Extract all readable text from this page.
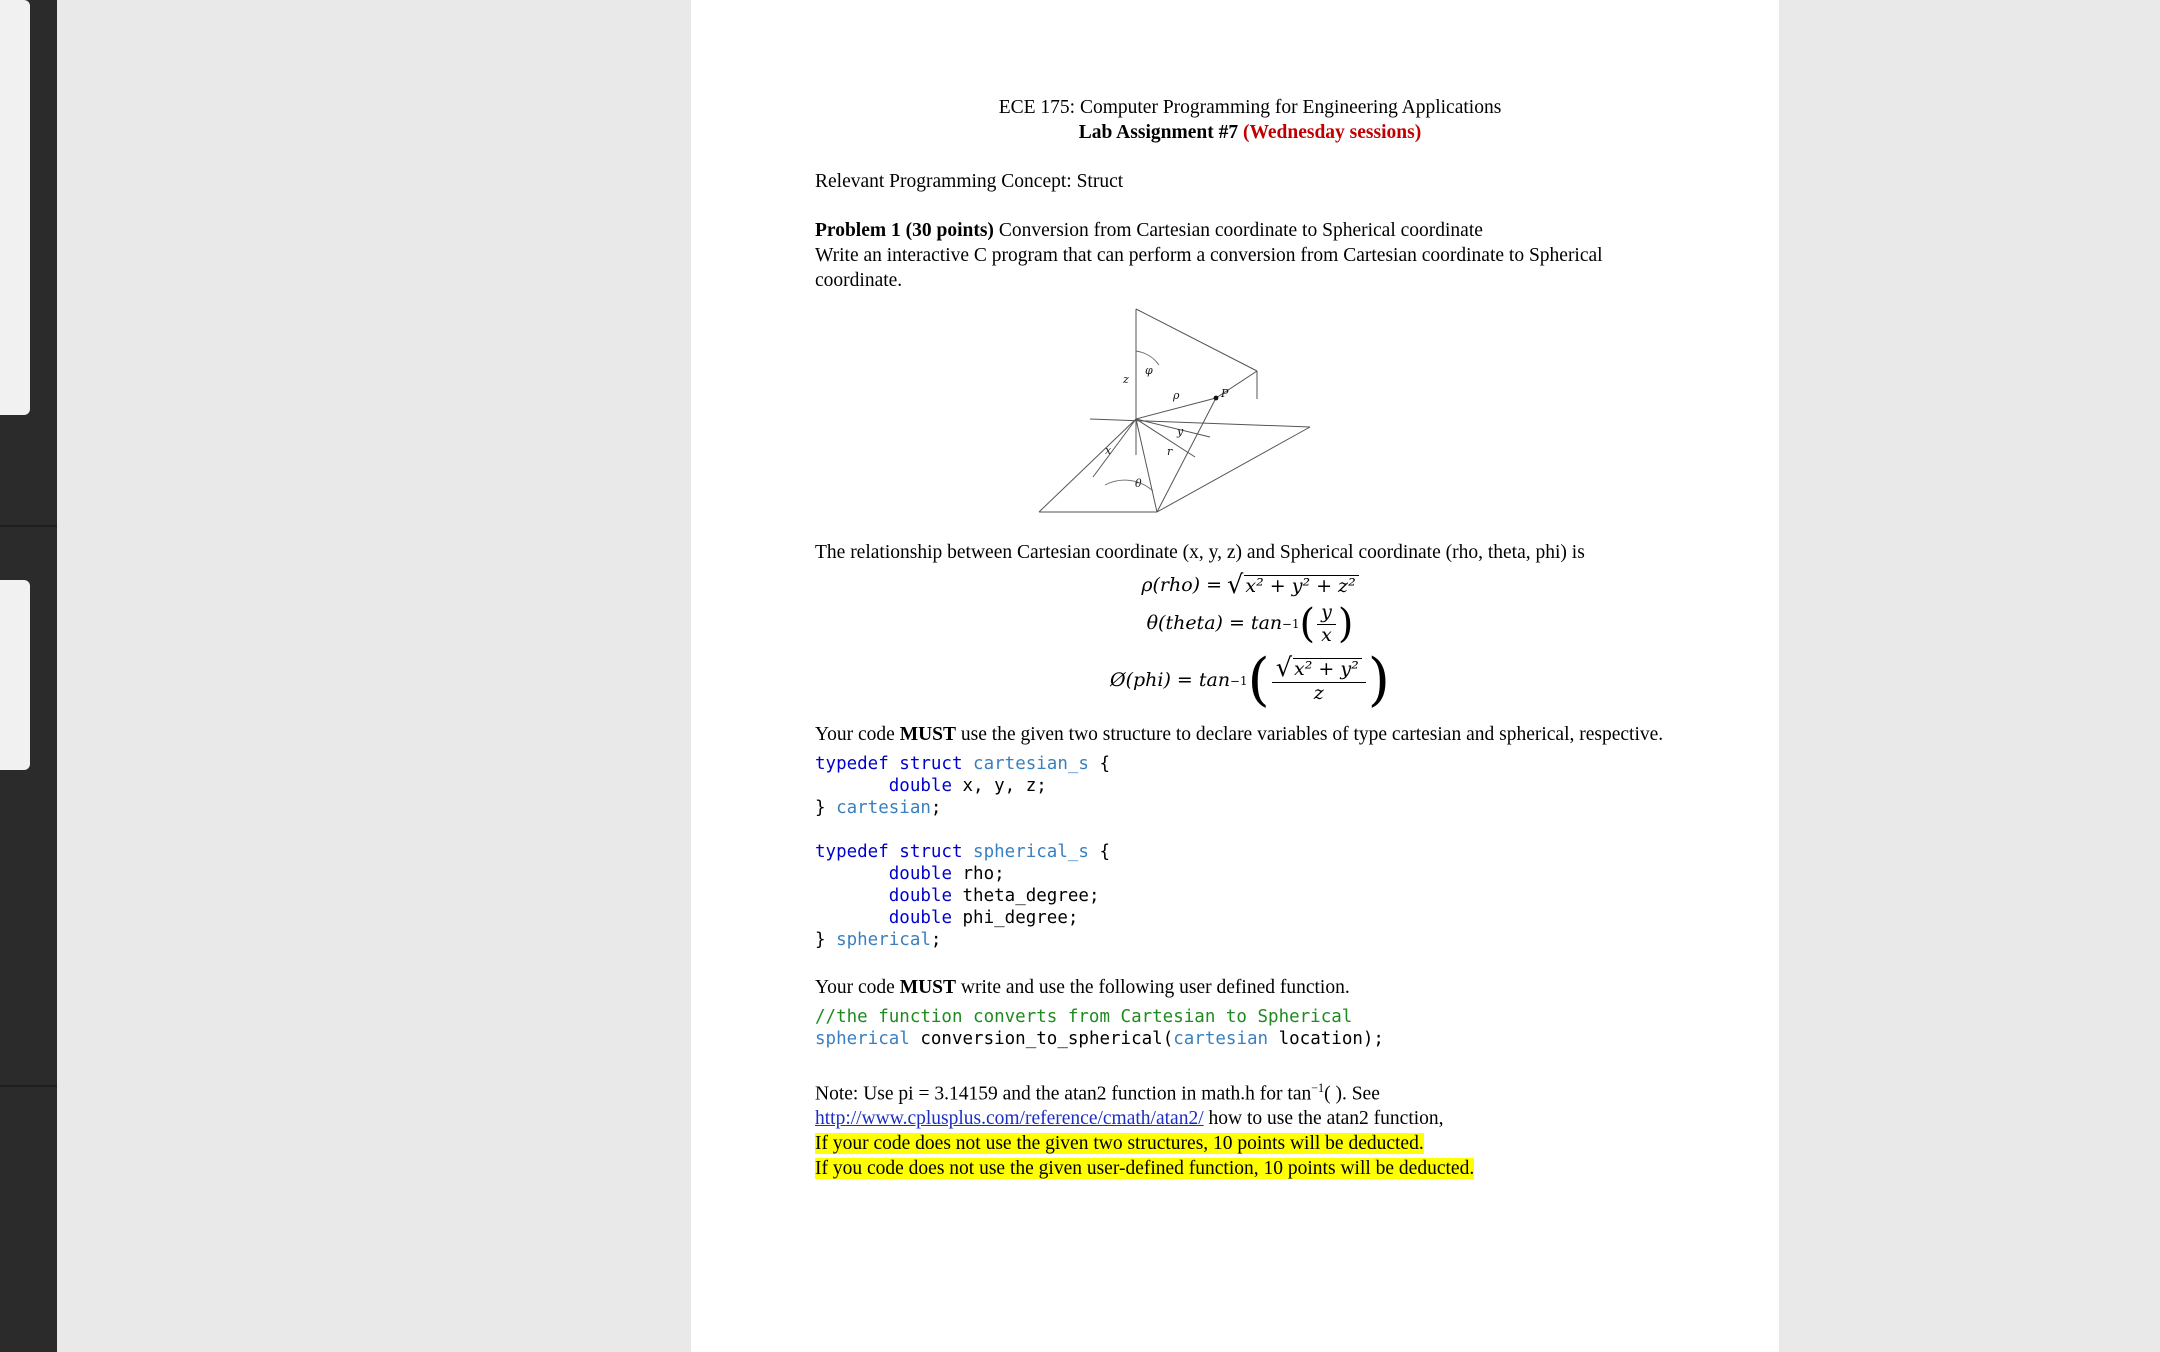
ECE 175: Computer Programming for Engineering Applications
Lab Assignment #7 (Wednesday sessions)
Relevant Programming Concept: Struct
Problem 1 (30 points) Conversion from Cartesian coordinate to Spherical coordinate
Write an interactive C program that can perform a conversion from Cartesian coordinate to Spherical coordinate.
z
φ
ρ	P
y
x	r
θ
The relationship between Cartesian coordinate (x, y, z) and Spherical coordinate (rho, theta, phi) is
ρ(rho) = √ x² + y² + z²
θ(theta) = tan −1 ( $\frac{y}{x}$ )
Ø(phi) = tan −1 ( $\frac{\text{√ x² + y²}}{z}$ )
Your code MUST use the given two structure to declare variables of type cartesian and spherical, respective.
typedef struct cartesian_s {
double x, y, z;
} cartesian;
typedef struct spherical_s {
double rho;
double theta_degree;
double phi_degree;
} spherical;
Your code MUST write and use the following user defined function.
//the function converts from Cartesian to Spherical
spherical conversion_to_spherical(cartesian location);
Note: Use pi = 3.14159 and the atan2 function in math.h for $\tan^{-1}$( ). See
http://www.cplusplus.com/reference/cmath/atan2/ how to use the atan2 function,
If your code does not use the given two structures, 10 points will be deducted.
If you code does not use the given user-defined function, 10 points will be deducted.
